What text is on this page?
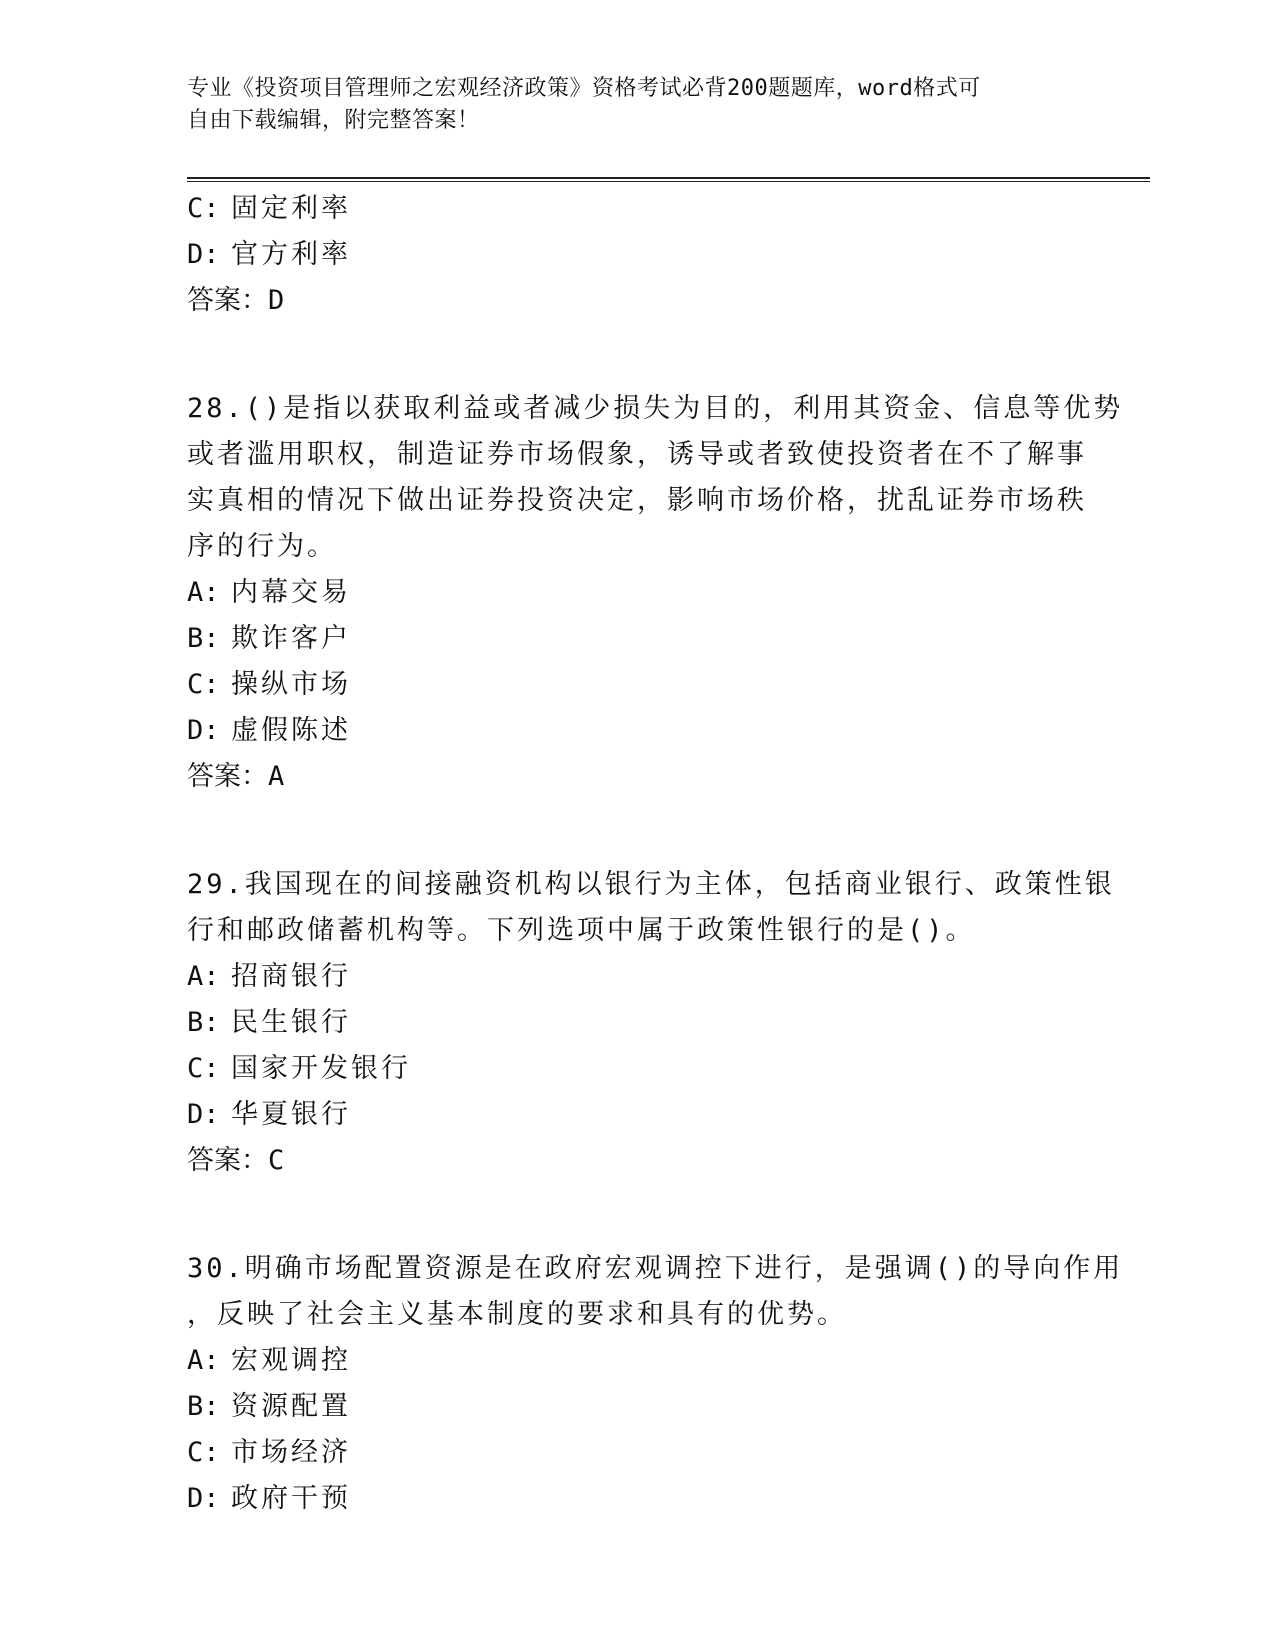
专业《投资项目管理师之宏观经济政策》资格考试必背200题题库，word格式可
自由下载编辑，附完整答案！
C: 固定利率
D: 官方利率
答案：D
28.()是指以获取利益或者减少损失为目的，利用其资金、信息等优势
或者滥用职权，制造证券市场假象，诱导或者致使投资者在不了解事
实真相的情况下做出证券投资决定，影响市场价格，扰乱证券市场秩
序的行为。
A: 内幕交易
B: 欺诈客户
C: 操纵市场
D: 虚假陈述
答案：A
29.我国现在的间接融资机构以银行为主体，包括商业银行、政策性银
行和邮政储蓄机构等。下列选项中属于政策性银行的是()。
A: 招商银行
B: 民生银行
C: 国家开发银行
D: 华夏银行
答案：C
30.明确市场配置资源是在政府宏观调控下进行，是强调()的导向作用
，反映了社会主义基本制度的要求和具有的优势。
A: 宏观调控
B: 资源配置
C: 市场经济
D: 政府干预
